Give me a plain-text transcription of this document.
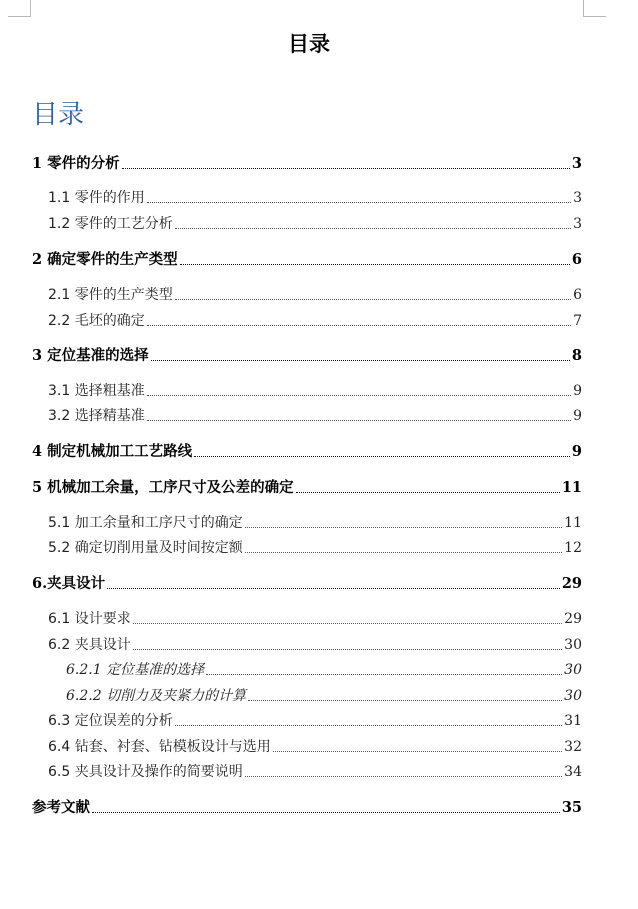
目录
目录
1 零件的分析	3
1.1 零件的作用	3
1.2 零件的工艺分析	3
2 确定零件的生产类型	6
2.1 零件的生产类型	6
2.2 毛坯的确定	7
3 定位基准的选择	8
3.1 选择粗基准	9
3.2 选择精基准	9
4 制定机械加工工艺路线	9
5 机械加工余量，工序尺寸及公差的确定	11
5.1 加工余量和工序尺寸的确定	11
5.2 确定切削用量及时间按定额	12
6.夹具设计	29
6.1 设计要求	29
6.2 夹具设计	30
6.2.1 定位基准的选择	30
6.2.2 切削力及夹紧力的计算	30
6.3 定位误差的分析	31
6.4 钻套、衬套、钻模板设计与选用	32
6.5 夹具设计及操作的简要说明	34
参考文献	35
